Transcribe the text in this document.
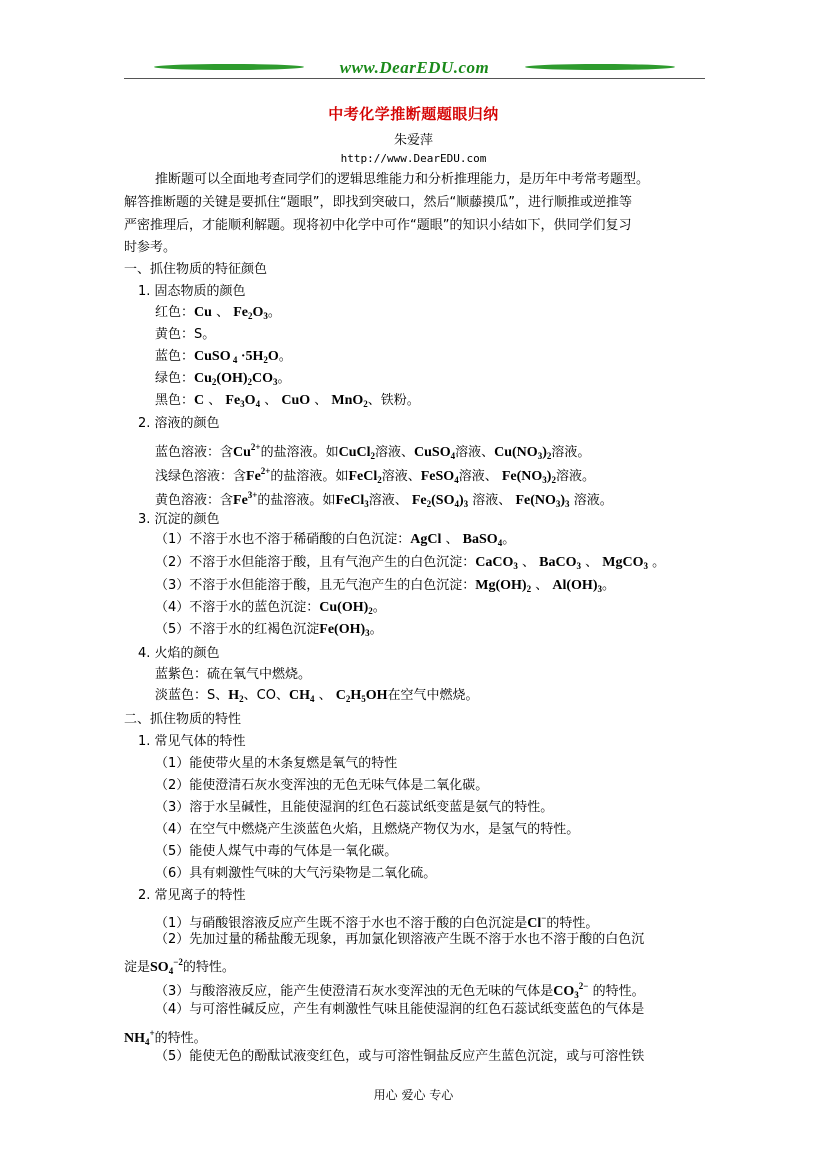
www.DearEDU.com
中考化学推断题题眼归纳
朱爱萍
http://www.DearEDU.com
推断题可以全面地考查同学们的逻辑思维能力和分析推理能力，是历年中考常考题型。
解答推断题的关键是要抓住“题眼”，即找到突破口，然后“顺藤摸瓜”，进行顺推或逆推等
严密推理后，才能顺利解题。现将初中化学中可作“题眼”的知识小结如下，供同学们复习
时参考。
一、抓住物质的特征颜色
1. 固态物质的颜色
红色：Cu 、 $Fe_2O_3$。
黄色：S。
蓝色：CuSO $_4 \cdot 5H_2O$。
绿色：$Cu_2(OH)_2CO_3$。
黑色：C 、 $Fe_3O_4$ 、 CuO 、 MnO$_2$、铁粉。
2. 溶液的颜色
蓝色溶液：含$Cu^{2+}$的盐溶液。如CuCl$_2$溶液、CuSO$_4$溶液、$Cu(NO_3)_2$溶液。
浅绿色溶液：含$Fe^{2+}$的盐溶液。如FeCl$_2$溶液、FeSO$_4$溶液、 $Fe(NO_3)_2$溶液。
黄色溶液：含$Fe^{3+}$的盐溶液。如FeCl$_3$溶液、 $Fe_2(SO_4)_3$ 溶液、 $Fe(NO_3)_3$ 溶液。
3. 沉淀的颜色
（1）不溶于水也不溶于稀硝酸的白色沉淀：AgCl 、 BaSO$_4$。
（2）不溶于水但能溶于酸，且有气泡产生的白色沉淀：CaCO$_3$ 、 BaCO$_3$ 、 MgCO$_3$ 。
（3）不溶于水但能溶于酸，且无气泡产生的白色沉淀：$Mg(OH)_2$ 、 $Al(OH)_3$。
（4）不溶于水的蓝色沉淀：$Cu(OH)_2$。
（5）不溶于水的红褐色沉淀$Fe(OH)_3$。
4. 火焰的颜色
蓝紫色：硫在氧气中燃烧。
淡蓝色：S、$H_2$、CO、$CH_4$ 、 $C_2H_5OH$在空气中燃烧。
二、抓住物质的特性
1. 常见气体的特性
（1）能使带火星的木条复燃是氧气的特性
（2）能使澄清石灰水变浑浊的无色无味气体是二氧化碳。
（3）溶于水呈碱性，且能使湿润的红色石蕊试纸变蓝是氨气的特性。
（4）在空气中燃烧产生淡蓝色火焰，且燃烧产物仅为水，是氢气的特性。
（5）能使人煤气中毒的气体是一氧化碳。
（6）具有刺激性气味的大气污染物是二氧化硫。
2. 常见离子的特性
（1）与硝酸银溶液反应产生既不溶于水也不溶于酸的白色沉淀是Cl−的特性。
（2）先加过量的稀盐酸无现象，再加氯化钡溶液产生既不溶于水也不溶于酸的白色沉
淀是$SO_4^{-2}$的特性。
（3）与酸溶液反应，能产生使澄清石灰水变浑浊的无色无味的气体是$CO_3^{2-}$ 的特性。
（4）与可溶性碱反应，产生有刺激性气味且能使湿润的红色石蕊试纸变蓝色的气体是
$NH_4^+$的特性。
（5）能使无色的酚酞试液变红色，或与可溶性铜盐反应产生蓝色沉淀，或与可溶性铁
用心 爱心 专心
